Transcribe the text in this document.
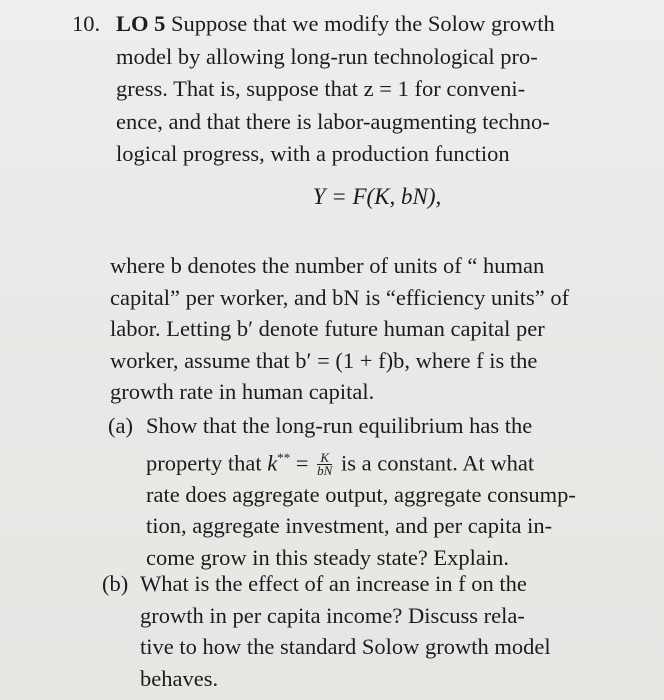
10. LO 5 Suppose that we modify the Solow growth
model by allowing long-run technological pro-
gress. That is, suppose that z = 1 for conveni-
ence, and that there is labor-augmenting techno-
logical progress, with a production function
Y = F(K, bN),
where b denotes the number of units of “ human
capital” per worker, and bN is “efficiency units” of
labor. Letting b′ denote future human capital per
worker, assume that b′ = (1 + f)b, where f is the
growth rate in human capital.
(a) Show that the long-run equilibrium has the
property that $k^{**} = \frac{K}{bN}$ is a constant. At what
rate does aggregate output, aggregate consump-
tion, aggregate investment, and per capita in-
come grow in this steady state? Explain.
(b) What is the effect of an increase in f on the
growth in per capita income? Discuss rela-
tive to how the standard Solow growth model
behaves.
